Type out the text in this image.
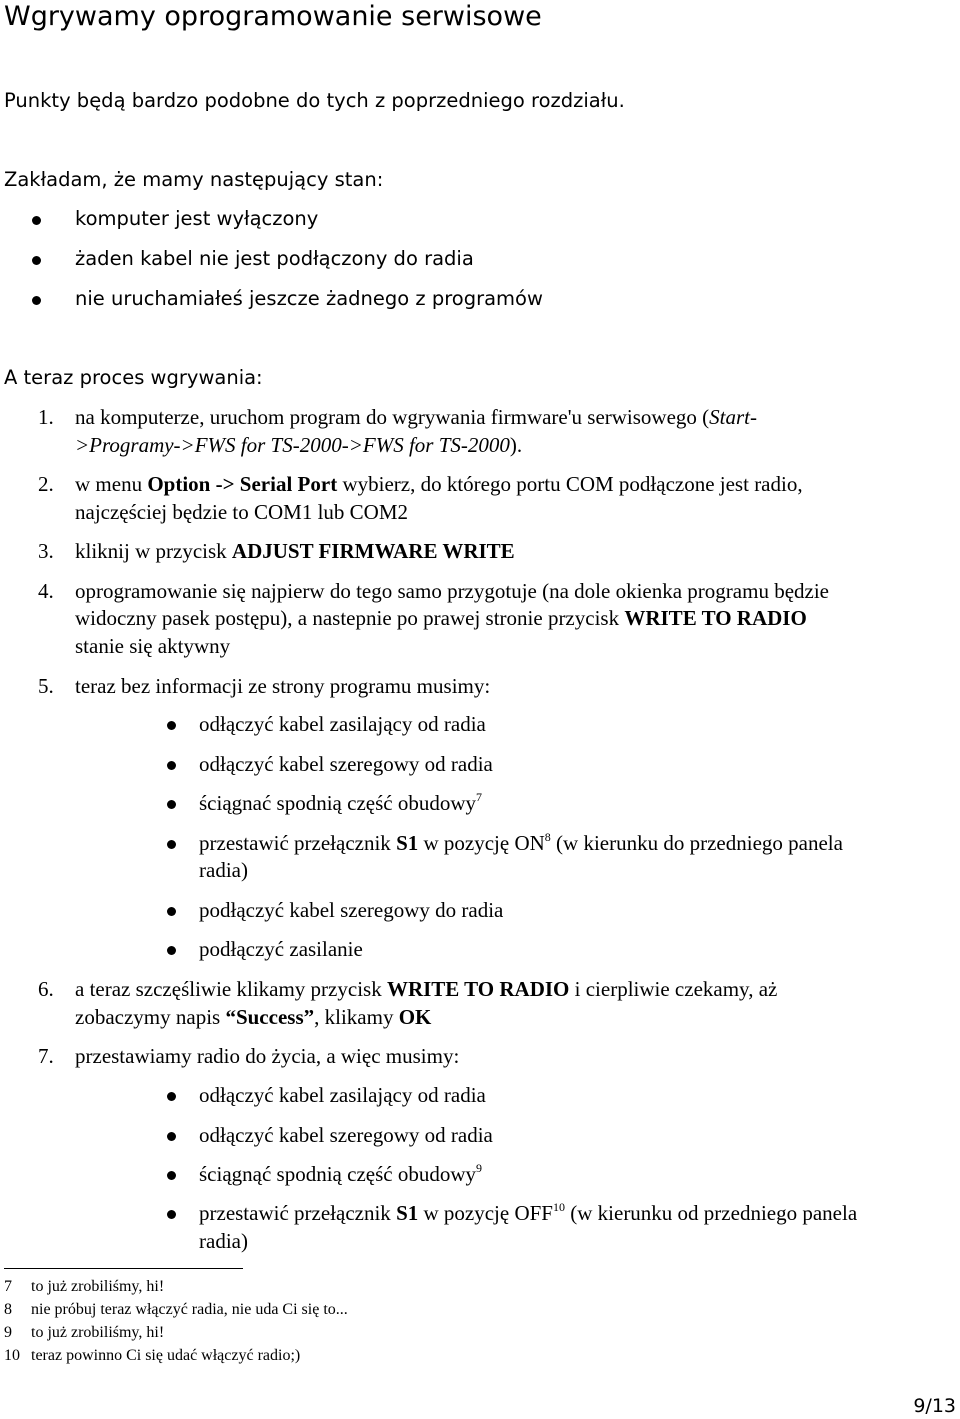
Wgrywamy oprogramowanie serwisowe
Punkty będą bardzo podobne do tych z poprzedniego rozdziału.
Zakładam, że mamy następujący stan:
komputer jest wyłączony
żaden kabel nie jest podłączony do radia
nie uruchamiałeś jeszcze żadnego z programów
A teraz proces wgrywania:
1. na komputerze, uruchom program do wgrywania firmware'u serwisowego (Start-
>Programy->FWS for TS-2000->FWS for TS-2000).
2. w menu Option -> Serial Port wybierz, do którego portu COM podłączone jest radio,
najczęściej będzie to COM1 lub COM2
3. kliknij w przycisk ADJUST FIRMWARE WRITE
4. oprogramowanie się najpierw do tego samo przygotuje (na dole okienka programu będzie
widoczny pasek postępu), a nastepnie po prawej stronie przycisk WRITE TO RADIO
stanie się aktywny
5. teraz bez informacji ze strony programu musimy:
odłączyć kabel zasilający od radia
odłączyć kabel szeregowy od radia
ściągnać spodnią część obudowy$^7$
przestawić przełącznik S1 w pozycję $ON^8$ (w kierunku do przedniego panela
radia)
podłączyć kabel szeregowy do radia
podłączyć zasilanie
6. a teraz szczęśliwie klikamy przycisk WRITE TO RADIO i cierpliwie czekamy, aż
zobaczymy napis “Success”, klikamy OK
7. przestawiamy radio do życia, a więc musimy:
odłączyć kabel zasilający od radia
odłączyć kabel szeregowy od radia
ściągnąć spodnią część obudowy$^9$
przestawić przełącznik S1 w pozycję OFF$^{10}$ (w kierunku od przedniego panela
radia)
7 to już zrobiliśmy, hi!
8 nie próbuj teraz włączyć radia, nie uda Ci się to...
9 to już zrobiliśmy, hi!
10 teraz powinno Ci się udać włączyć radio;)
9/13
